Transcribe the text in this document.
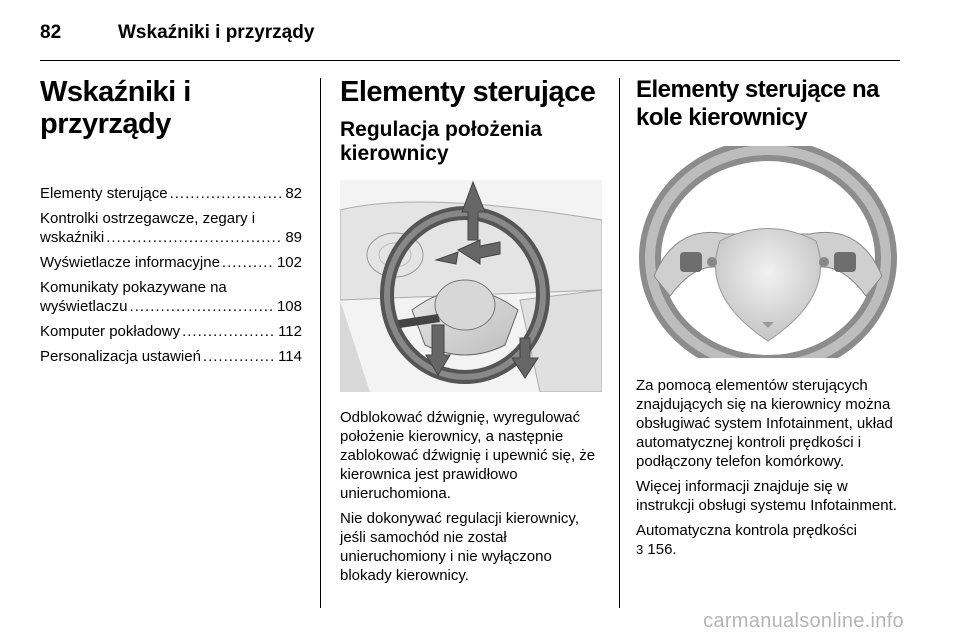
82	Wskaźniki i przyrządy
Wskaźniki i przyrządy
Elementy sterujące .....	82
Kontrolki ostrzegawcze, zegary i
wskaźniki .....	89
Wyświetlacze informacyjne .....	102
Komunikaty pokazywane na
wyświetlaczu .....	108
Komputer pokładowy .....	112
Personalizacja ustawień .....	114
Elementy sterujące
Regulacja położenia kierownicy

Odblokować dźwignię, wyregulować położenie kierownicy, a następnie zablokować dźwignię i upewnić się, że kierownica jest prawidłowo unieruchomiona.

Nie dokonywać regulacji kierownicy, jeśli samochód nie został unieruchomiony i nie wyłączono blokady kierownicy.

Elementy sterujące na kole kierownicy

Za pomocą elementów sterujących znajdujących się na kierownicy można obsługiwać system Infotainment, układ automatycznej kontroli prędkości i podłączony telefon komórkowy.

Więcej informacji znajduje się w instrukcji obsługi systemu Infotainment.

Automatyczna kontrola prędkości

3 156.

carmanualsonline.info
